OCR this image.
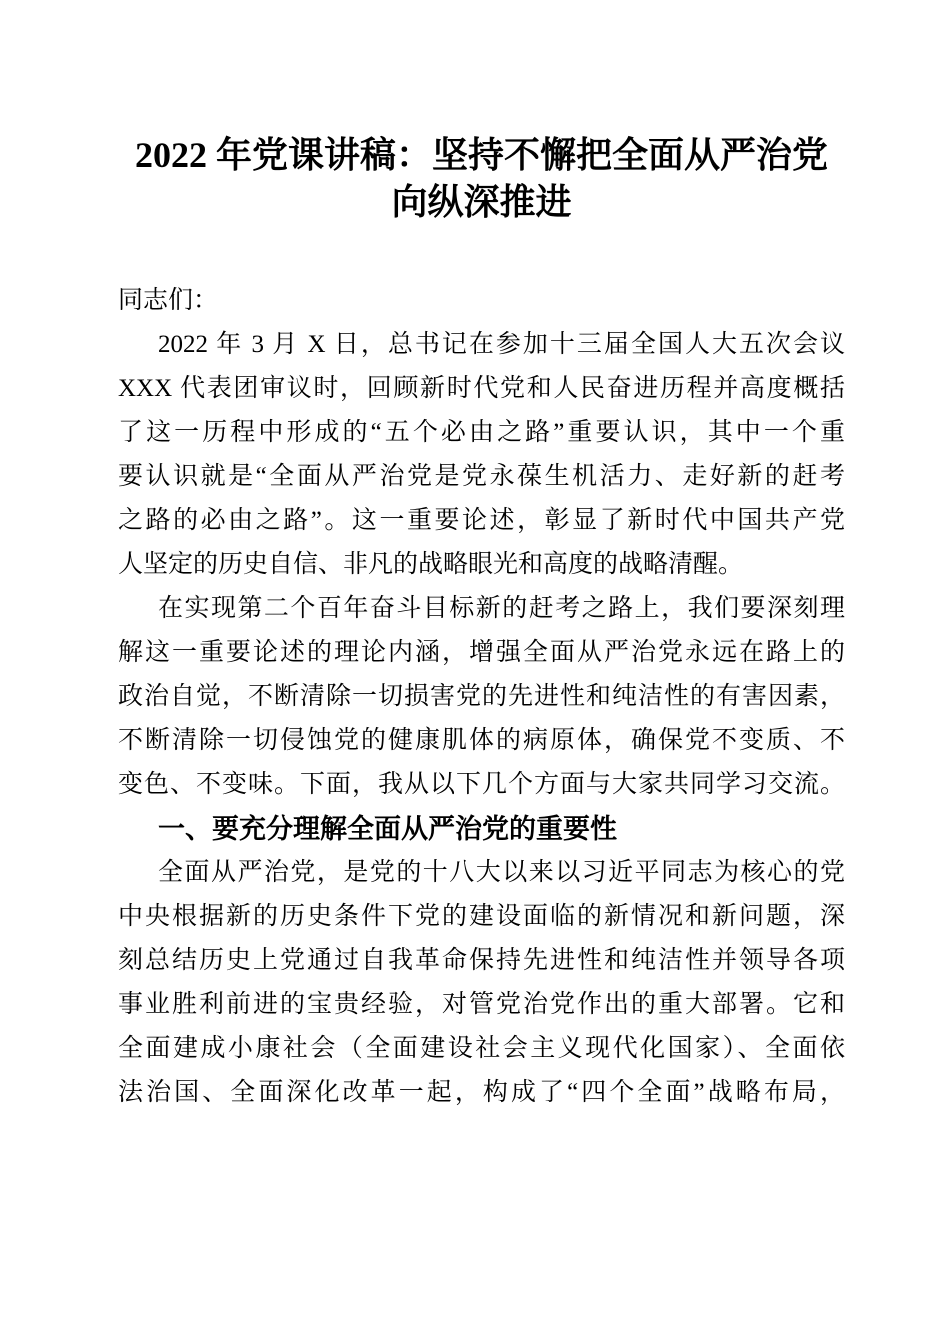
2022 年党课讲稿：坚持不懈把全面从严治党
向纵深推进
同志们：
2022 年 3 月 X 日，总书记在参加十三届全国人大五次会议
XXX 代表团审议时，回顾新时代党和人民奋进历程并高度概括
了这一历程中形成的“五个必由之路”重要认识，其中一个重
要认识就是“全面从严治党是党永葆生机活力、走好新的赶考
之路的必由之路”。这一重要论述，彰显了新时代中国共产党
人坚定的历史自信、非凡的战略眼光和高度的战略清醒。
在实现第二个百年奋斗目标新的赶考之路上，我们要深刻理
解这一重要论述的理论内涵，增强全面从严治党永远在路上的
政治自觉，不断清除一切损害党的先进性和纯洁性的有害因素，
不断清除一切侵蚀党的健康肌体的病原体，确保党不变质、不
变色、不变味。下面，我从以下几个方面与大家共同学习交流。
一、要充分理解全面从严治党的重要性
全面从严治党，是党的十八大以来以习近平同志为核心的党
中央根据新的历史条件下党的建设面临的新情况和新问题，深
刻总结历史上党通过自我革命保持先进性和纯洁性并领导各项
事业胜利前进的宝贵经验，对管党治党作出的重大部署。它和
全面建成小康社会（全面建设社会主义现代化国家）、全面依
法治国、全面深化改革一起，构成了“四个全面”战略布局，
